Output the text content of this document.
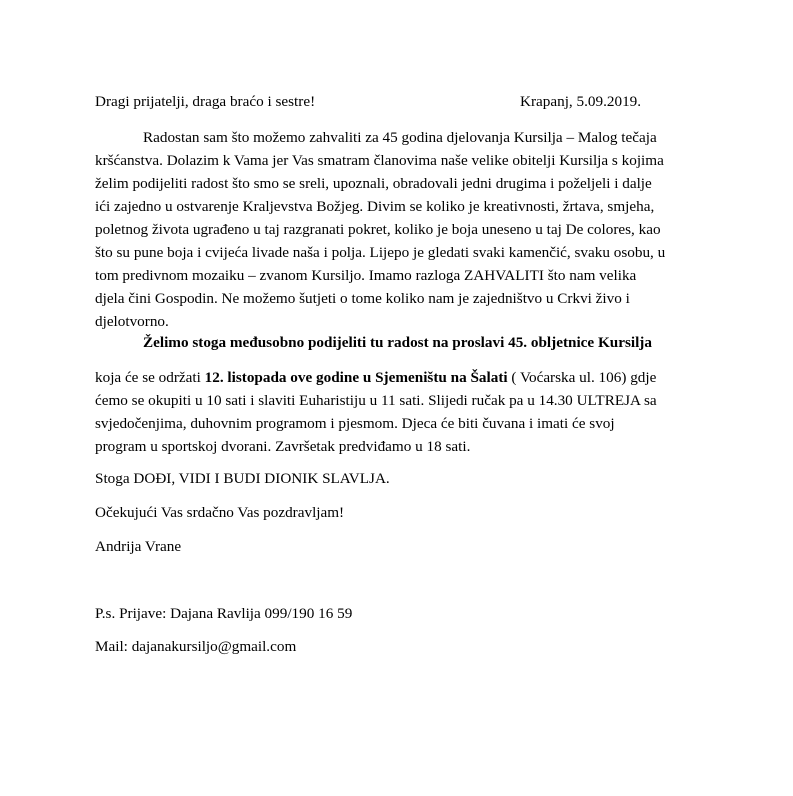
Dragi prijatelji, draga braćo i sestre!	Krapanj, 5.09.2019.
Radostan sam što možemo zahvaliti za 45 godina djelovanja Kursilja – Malog tečaja
kršćanstva. Dolazim k Vama jer Vas smatram članovima naše velike obitelji Kursilja s kojima
želim podijeliti radost što smo se sreli, upoznali, obradovali jedni drugima i poželjeli i dalje
ići zajedno u ostvarenje Kraljevstva Božjeg. Divim se koliko je kreativnosti, žrtava, smjeha,
poletnog života ugrađeno u taj razgranati pokret, koliko je boja uneseno u taj De colores, kao
što su pune boja i cvijeća livade naša i polja. Lijepo je gledati svaki kamenčić, svaku osobu, u
tom predivnom mozaiku – zvanom Kursiljo. Imamo razloga ZAHVALITI što nam velika
djela čini Gospodin. Ne možemo šutjeti o tome koliko nam je zajedništvo u Crkvi živo i
djelotvorno.
Želimo stoga međusobno podijeliti tu radost na proslavi 45. obljetnice Kursilja
koja će se održati 12. listopada ove godine u Sjemeništu na Šalati ( Voćarska ul. 106) gdje
ćemo se okupiti u 10 sati i slaviti Euharistiju u 11 sati. Slijedi ručak pa u 14.30 ULTREJA sa
svjedočenjima, duhovnim programom i pjesmom. Djeca će biti čuvana i imati će svoj
program u sportskoj dvorani. Završetak predviđamo u 18 sati.
Stoga DOĐI, VIDI I BUDI DIONIK SLAVLJA.
Očekujući Vas srdačno Vas pozdravljam!
Andrija Vrane
P.s. Prijave: Dajana Ravlija 099/190 16 59
Mail: dajanakursiljo@gmail.com
